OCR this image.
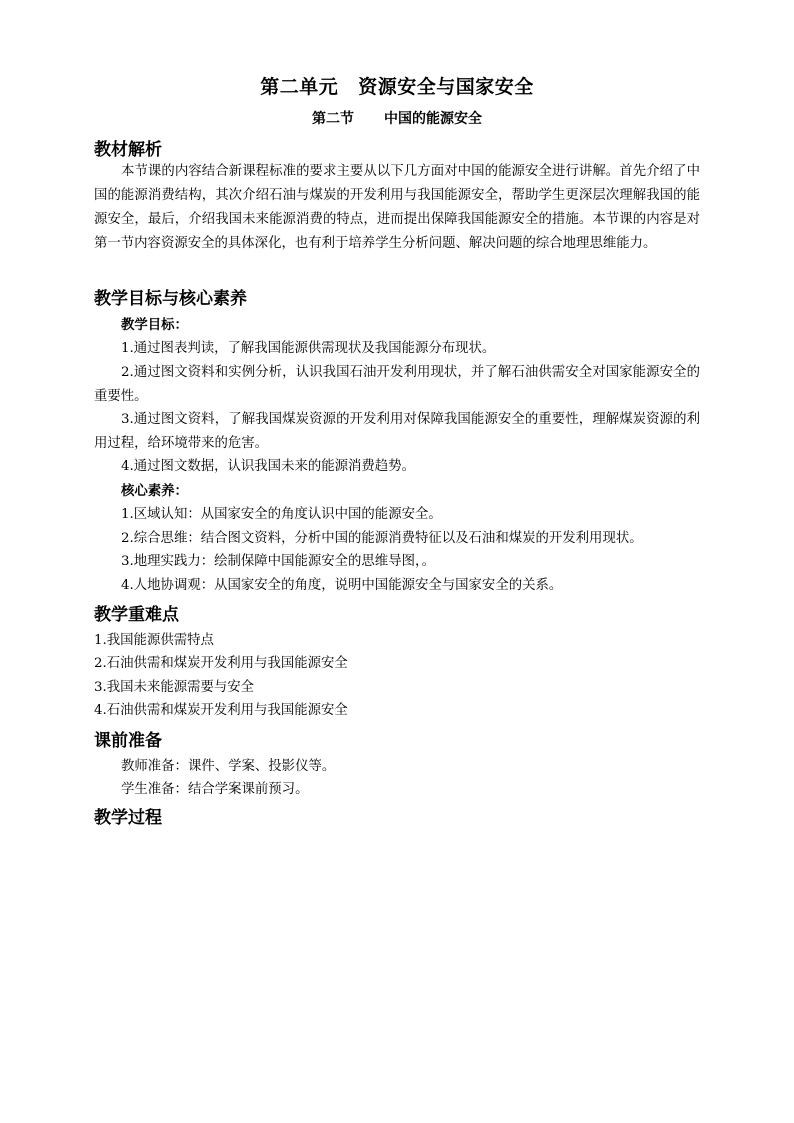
第二单元 资源安全与国家安全
第二节 中国的能源安全
教材解析

本节课的内容结合新课程标准的要求主要从以下几方面对中国的能源安全进行讲解。首先介绍了中国的能源消费结构，其次介绍石油与煤炭的开发利用与我国能源安全，帮助学生更深层次理解我国的能源安全，最后，介绍我国未来能源消费的特点，进而提出保障我国能源安全的措施。本节课的内容是对第一节内容资源安全的具体深化，也有利于培养学生分析问题、解决问题的综合地理思维能力。

教学目标与核心素养
教学目标：
1.通过图表判读，了解我国能源供需现状及我国能源分布现状。

2.通过图文资料和实例分析，认识我国石油开发利用现状，并了解石油供需安全对国家能源安全的重要性。

3.通过图文资料，了解我国煤炭资源的开发利用对保障我国能源安全的重要性，理解煤炭资源的利用过程，给环境带来的危害。

4.通过图文数据，认识我国未来的能源消费趋势。
核心素养：
1.区域认知：从国家安全的角度认识中国的能源安全。
2.综合思维：结合图文资料，分析中国的能源消费特征以及石油和煤炭的开发利用现状。
3.地理实践力：绘制保障中国能源安全的思维导图，。
4.人地协调观：从国家安全的角度，说明中国能源安全与国家安全的关系。
教学重难点
1.我国能源供需特点
2.石油供需和煤炭开发利用与我国能源安全
3.我国未来能源需要与安全
4.石油供需和煤炭开发利用与我国能源安全
课前准备
教师准备：课件、学案、投影仪等。
学生准备：结合学案课前预习。
教学过程
